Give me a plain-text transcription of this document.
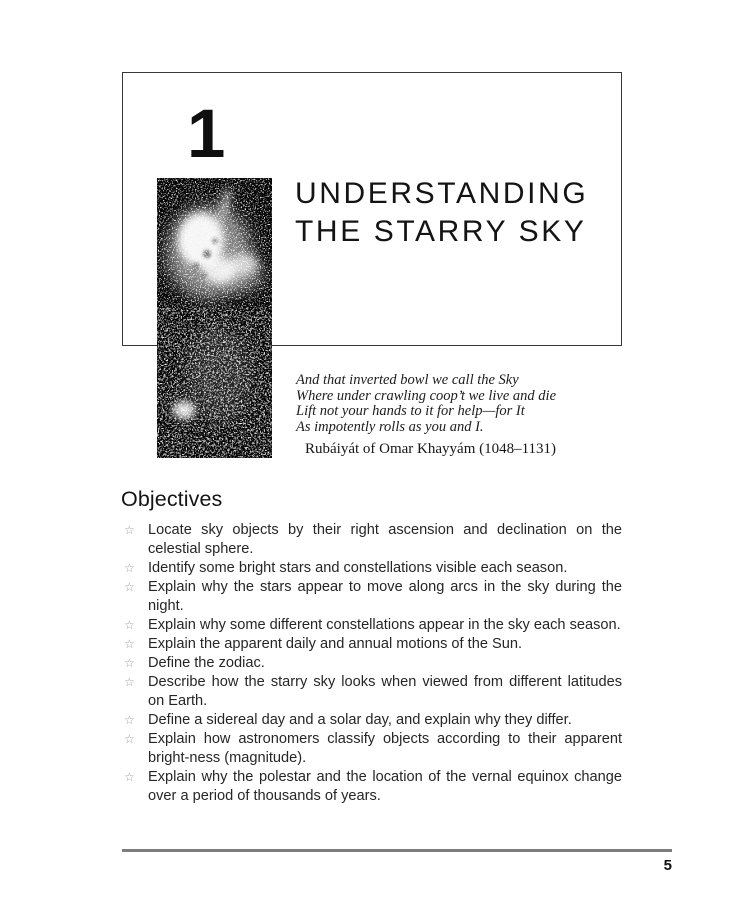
1
UNDERSTANDING
THE STARRY SKY
And that inverted bowl we call the Sky
Where under crawling coop’t we live and die
Lift not your hands to it for help—for It
As impotently rolls as you and I.
Rubáiyát of Omar Khayyám (1048–1131)
Objectives
☆ Locate sky objects by their right ascension and declination on the celestial sphere.
☆ Identify some bright stars and constellations visible each season.
☆ Explain why the stars appear to move along arcs in the sky during the night.
☆ Explain why some different constellations appear in the sky each season.
☆ Explain the apparent daily and annual motions of the Sun.
☆ Define the zodiac.
☆ Describe how the starry sky looks when viewed from different latitudes on Earth.
☆ Define a sidereal day and a solar day, and explain why they differ.
☆ Explain how astronomers classify objects according to their apparent bright-ness (magnitude).
☆ Explain why the polestar and the location of the vernal equinox change over a period of thousands of years.
5
